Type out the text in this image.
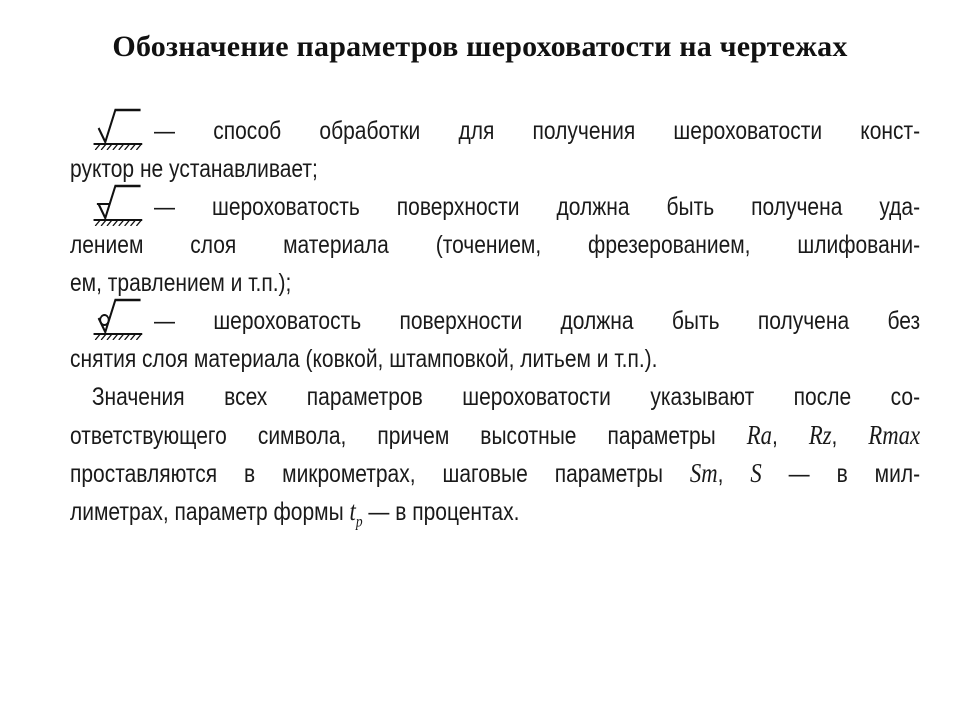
Обозначение параметров шероховатости на чертежах
— способ обработки для получения шероховатости конст-
руктор не устанавливает;
— шероховатость поверхности должна быть получена уда-
лением слоя материала (точением, фрезерованием, шлифовани-
ем, травлением и т.п.);
— шероховатость поверхности должна быть получена без
снятия слоя материала (ковкой, штамповкой, литьем и т.п.).
Значения всех параметров шероховатости указывают после со-
ответствующего символа, причем высотные параметры Ra, Rz, Rmax
проставляются в микрометрах, шаговые параметры Sm, S — в мил-
лиметрах, параметр формы $t_p$ — в процентах.
